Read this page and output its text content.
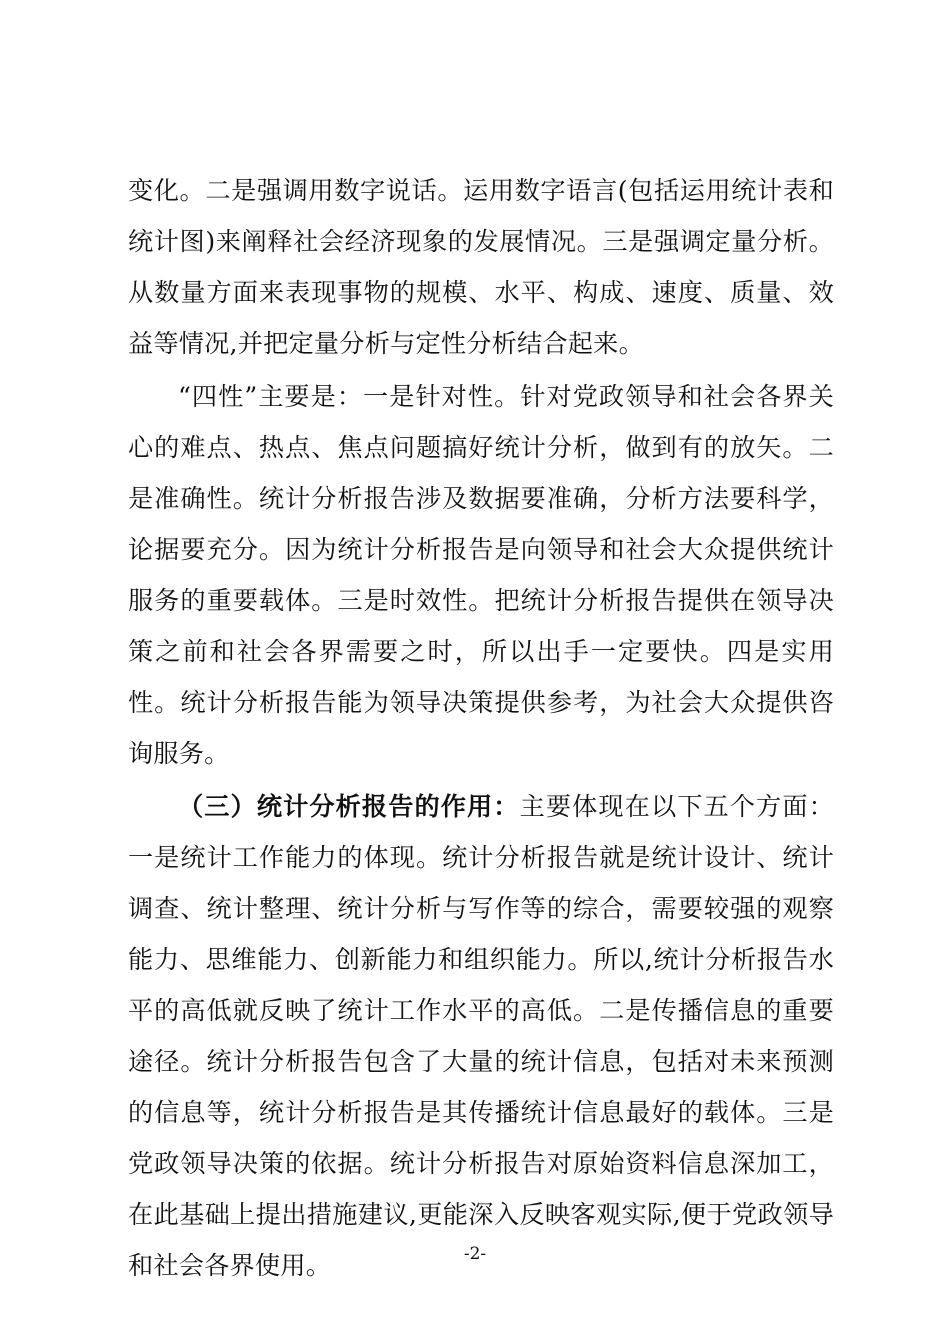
变化。二是强调用数字说话。运用数字语言(包括运用统计表和统计图)来阐释社会经济现象的发展情况。三是强调定量分析。从数量方面来表现事物的规模、水平、构成、速度、质量、效益等情况,并把定量分析与定性分析结合起来。

“四性”主要是：一是针对性。针对党政领导和社会各界关心的难点、热点、焦点问题搞好统计分析，做到有的放矢。二是准确性。统计分析报告涉及数据要准确，分析方法要科学，论据要充分。因为统计分析报告是向领导和社会大众提供统计服务的重要载体。三是时效性。把统计分析报告提供在领导决策之前和社会各界需要之时，所以出手一定要快。四是实用性。统计分析报告能为领导决策提供参考，为社会大众提供咨询服务。

（三）统计分析报告的作用：主要体现在以下五个方面：一是统计工作能力的体现。统计分析报告就是统计设计、统计调查、统计整理、统计分析与写作等的综合，需要较强的观察能力、思维能力、创新能力和组织能力。所以,统计分析报告水平的高低就反映了统计工作水平的高低。二是传播信息的重要途径。统计分析报告包含了大量的统计信息，包括对未来预测的信息等，统计分析报告是其传播统计信息最好的载体。三是党政领导决策的依据。统计分析报告对原始资料信息深加工，在此基础上提出措施建议,更能深入反映客观实际,便于党政领导和社会各界使用。	-2-
